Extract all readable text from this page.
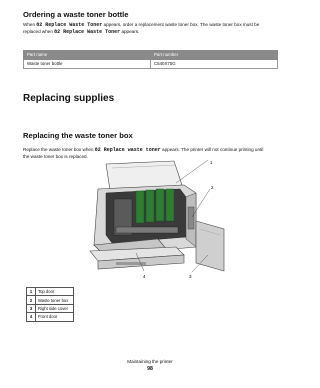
Ordering a waste toner bottle
When 82 Replace Waste Toner appears, order a replacement waste toner box. The waste toner box must be
replaced when 82 Replace Waste Toner appears.
Part name	Part number
Waste toner bottle	C540X75G
Replacing supplies
Replacing the waste toner box
Replace the waste toner box when 82 Replace waste toner appears. The printer will not continue printing until
the waste toner box is replaced.
1
2
3
4
1	Top door
2	Waste toner box
3	Right side cover
4	Front door
Maintaining the printer
98
